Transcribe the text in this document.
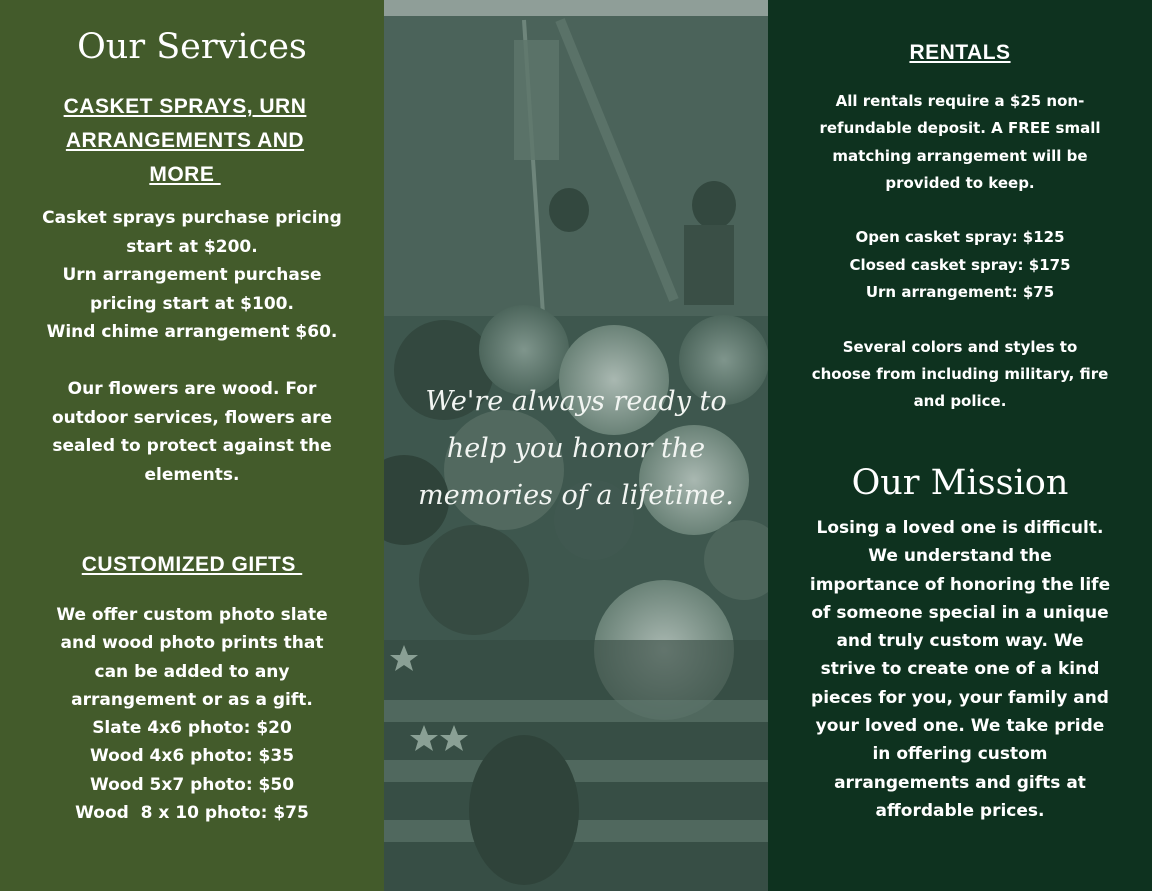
Our Services
CASKET SPRAYS, URN
ARRANGEMENTS AND
MORE
Casket sprays purchase pricing
start at $200.
Urn arrangement purchase
pricing start at $100.
Wind chime arrangement $60.

Our flowers are wood. For
outdoor services, flowers are
sealed to protect against the
elements.
CUSTOMIZED GIFTS
We offer custom photo slate
and wood photo prints that
can be added to any
arrangement or as a gift.
Slate 4x6 photo: $20
Wood 4x6 photo: $35
Wood 5x7 photo: $50
Wood  8 x 10 photo: $75
We're always ready to
help you honor the
memories of a lifetime.
RENTALS
All rentals require a $25 non-
refundable deposit. A FREE small
matching arrangement will be
provided to keep.

Open casket spray: $125
Closed casket spray: $175
Urn arrangement: $75

Several colors and styles to
choose from including military, fire
and police.
Our Mission
Losing a loved one is difficult.
We understand the
importance of honoring the life
of someone special in a unique
and truly custom way. We
strive to create one of a kind
pieces for you, your family and
your loved one. We take pride
in offering custom
arrangements and gifts at
affordable prices.
